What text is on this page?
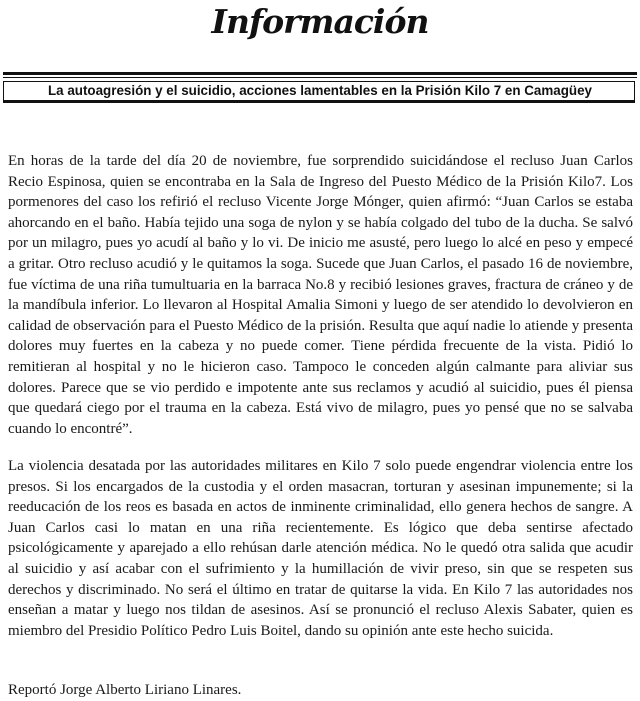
Información
La autoagresión y el suicidio, acciones lamentables en la Prisión Kilo 7 en Camagüey

En horas de la tarde del día 20 de noviembre, fue sorprendido suicidándose el recluso Juan Carlos Recio Espinosa, quien se encontraba en la Sala de Ingreso del Puesto Médico de la Prisión Kilo7. Los pormenores del caso los refirió el recluso Vicente Jorge Mónger, quien afirmó: “Juan Carlos se estaba ahorcando en el baño. Había tejido una soga de nylon y se había colgado del tubo de la ducha. Se salvó por un milagro, pues yo acudí al baño y lo vi. De inicio me asusté, pero luego lo alcé en peso y empecé a gritar. Otro recluso acudió y le quitamos la soga. Sucede que Juan Carlos, el pasado 16 de noviembre, fue víctima de una riña tumultuaria en la barraca No.8 y recibió lesiones graves, fractura de cráneo y de la mandíbula inferior. Lo llevaron al Hospital Amalia Simoni y luego de ser atendido lo devolvieron en calidad de observación para el Puesto Médico de la prisión. Resulta que aquí nadie lo atiende y presenta dolores muy fuertes en la cabeza y no puede comer. Tiene pérdida frecuente de la vista. Pidió lo remitieran al hospital y no le hicieron caso. Tampoco le conceden algún calmante para aliviar sus dolores. Parece que se vio perdido e impotente ante sus reclamos y acudió al suicidio, pues él piensa que quedará ciego por el trauma en la cabeza. Está vivo de milagro, pues yo pensé que no se salvaba cuando lo encontré”.

La violencia desatada por las autoridades militares en Kilo 7 solo puede engendrar violencia entre los presos. Si los encargados de la custodia y el orden masacran, torturan y asesinan impunemente; si la reeducación de los reos es basada en actos de inminente criminalidad, ello genera hechos de sangre. A Juan Carlos casi lo matan en una riña recientemente. Es lógico que deba sentirse afectado psicológicamente y aparejado a ello rehúsan darle atención médica. No le quedó otra salida que acudir al suicidio y así acabar con el sufrimiento y la humillación de vivir preso, sin que se respeten sus derechos y discriminado. No será el último en tratar de quitarse la vida. En Kilo 7 las autoridades nos enseñan a matar y luego nos tildan de asesinos. Así se pronunció el recluso Alexis Sabater, quien es miembro del Presidio Político Pedro Luis Boitel, dando su opinión ante este hecho suicida.

Reportó Jorge Alberto Liriano Linares.
